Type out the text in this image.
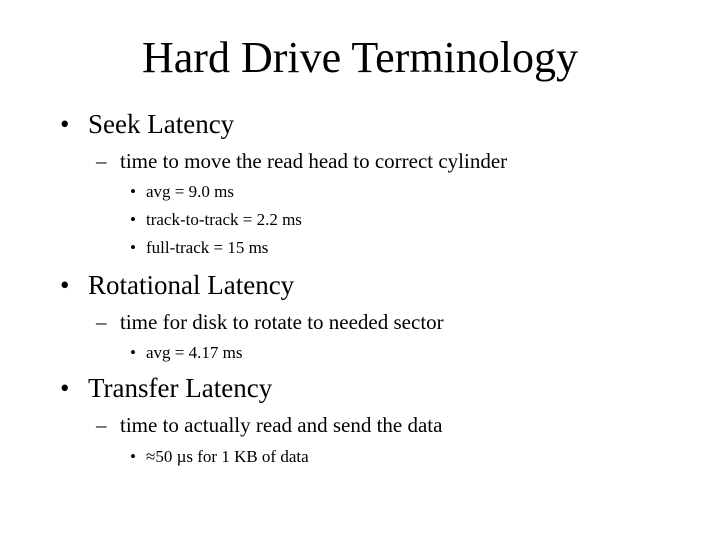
Hard Drive Terminology
• Seek Latency
– time to move the read head to correct cylinder
• avg = 9.0 ms
• track-to-track = 2.2 ms
• full-track = 15 ms
• Rotational Latency
– time for disk to rotate to needed sector
• avg = 4.17 ms
• Transfer Latency
– time to actually read and send the data
• ≈50 µs for 1 KB of data
